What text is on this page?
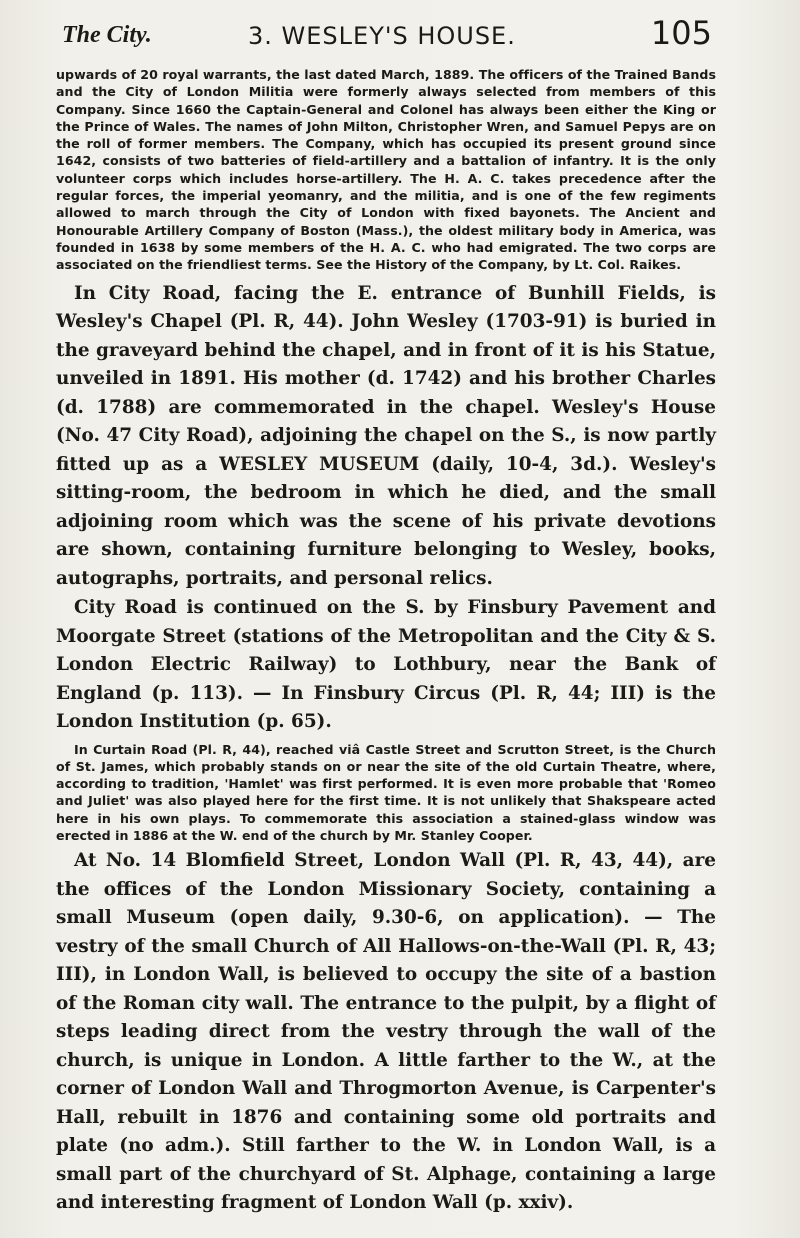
The City.	3. WESLEY'S HOUSE.	105

upwards of 20 royal warrants, the last dated March, 1889. The officers of the Trained Bands and the City of London Militia were formerly always selected from members of this Company. Since 1660 the Captain-General and Colonel has always been either the King or the Prince of Wales. The names of John Milton, Christopher Wren, and Samuel Pepys are on the roll of former members. The Company, which has occupied its present ground since 1642, consists of two batteries of field-artillery and a battalion of infantry. It is the only volunteer corps which includes horse-artillery. The H. A. C. takes precedence after the regular forces, the imperial yeomanry, and the militia, and is one of the few regiments allowed to march through the City of London with fixed bayonets. The Ancient and Honourable Artillery Company of Boston (Mass.), the oldest military body in America, was founded in 1638 by some members of the H. A. C. who had emigrated. The two corps are associated on the friendliest terms. See the History of the Company, by Lt. Col. Raikes.

In City Road, facing the E. entrance of Bunhill Fields, is Wesley's Chapel (Pl. R, 44). John Wesley (1703-91) is buried in the graveyard behind the chapel, and in front of it is his Statue, unveiled in 1891. His mother (d. 1742) and his brother Charles (d. 1788) are commemorated in the chapel. Wesley's House (No. 47 City Road), adjoining the chapel on the S., is now partly fitted up as a WESLEY MUSEUM (daily, 10-4, 3d.). Wesley's sitting-room, the bedroom in which he died, and the small adjoining room which was the scene of his private devotions are shown, containing furniture belonging to Wesley, books, autographs, portraits, and personal relics.

City Road is continued on the S. by Finsbury Pavement and Moorgate Street (stations of the Metropolitan and the City & S. London Electric Railway) to Lothbury, near the Bank of England (p. 113). — In Finsbury Circus (Pl. R, 44; III) is the London Institution (p. 65).

In Curtain Road (Pl. R, 44), reached viâ Castle Street and Scrutton Street, is the Church of St. James, which probably stands on or near the site of the old Curtain Theatre, where, according to tradition, 'Hamlet' was first performed. It is even more probable that 'Romeo and Juliet' was also played here for the first time. It is not unlikely that Shakspeare acted here in his own plays. To commemorate this association a stained-glass window was erected in 1886 at the W. end of the church by Mr. Stanley Cooper.

At No. 14 Blomfield Street, London Wall (Pl. R, 43, 44), are the offices of the London Missionary Society, containing a small Museum (open daily, 9.30-6, on application). — The vestry of the small Church of All Hallows-on-the-Wall (Pl. R, 43; III), in London Wall, is believed to occupy the site of a bastion of the Roman city wall. The entrance to the pulpit, by a flight of steps leading direct from the vestry through the wall of the church, is unique in London. A little farther to the W., at the corner of London Wall and Throgmorton Avenue, is Carpenter's Hall, rebuilt in 1876 and containing some old portraits and plate (no adm.). Still farther to the W. in London Wall, is a small part of the churchyard of St. Alphage, containing a large and interesting fragment of London Wall (p. xxiv).
